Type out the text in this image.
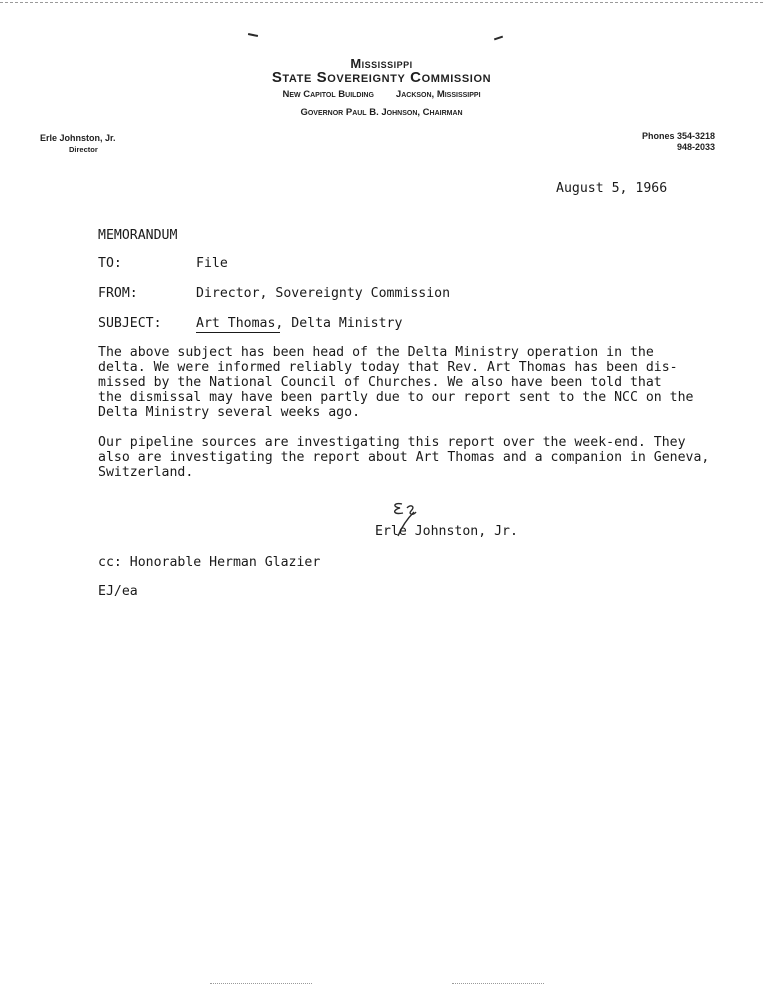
Mississippi
State Sovereignty Commission
New Capitol Building Jackson, Mississippi
Governor Paul B. Johnson, Chairman
Erle Johnston, Jr.
Director
Phones 354-3218
948-2033
August 5, 1966
MEMORANDUM
TO:	File
FROM:	Director, Sovereignty Commission
SUBJECT:	Art Thomas, Delta Ministry
The above subject has been head of the Delta Ministry operation in the
delta. We were informed reliably today that Rev. Art Thomas has been dis-
missed by the National Council of Churches. We also have been told that
the dismissal may have been partly due to our report sent to the NCC on the
Delta Ministry several weeks ago.
Our pipeline sources are investigating this report over the week-end. They
also are investigating the report about Art Thomas and a companion in Geneva,
Switzerland.
Erle Johnston, Jr.
cc: Honorable Herman Glazier
EJ/ea
